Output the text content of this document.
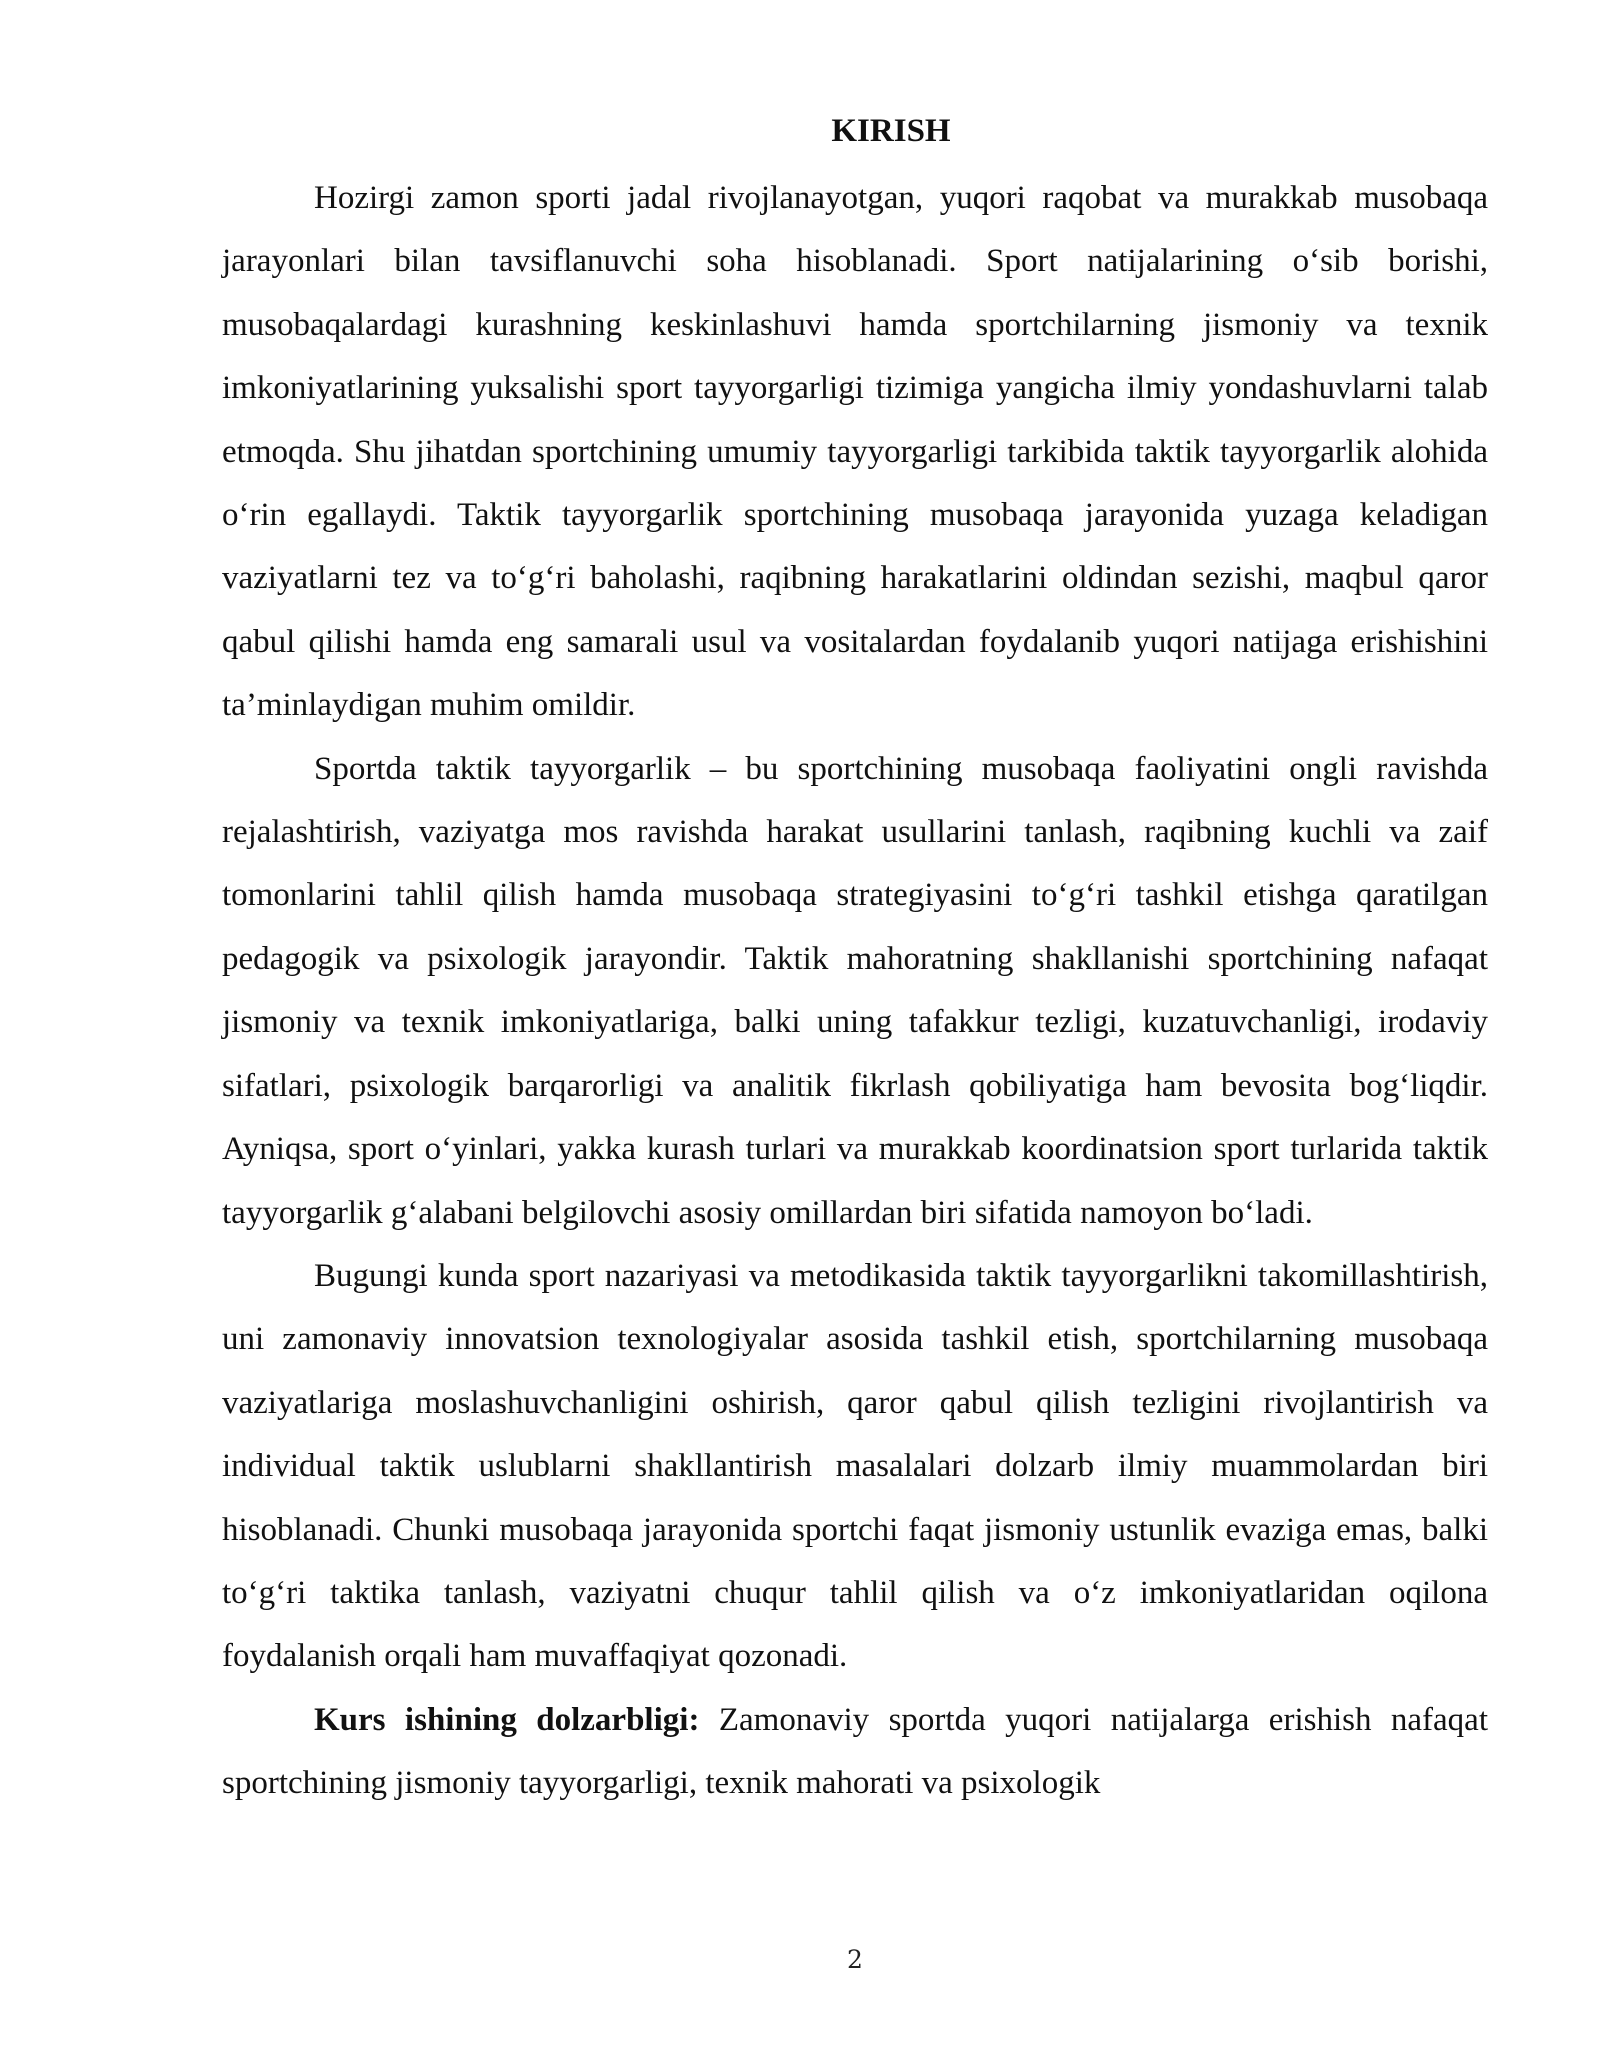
KIRISH

Hozirgi zamon sporti jadal rivojlanayotgan, yuqori raqobat va murakkab musobaqa jarayonlari bilan tavsiflanuvchi soha hisoblanadi. Sport natijalarining o‘sib borishi, musobaqalardagi kurashning keskinlashuvi hamda sportchilarning jismoniy va texnik imkoniyatlarining yuksalishi sport tayyorgarligi tizimiga yangicha ilmiy yondashuvlarni talab etmoqda. Shu jihatdan sportchining umumiy tayyorgarligi tarkibida taktik tayyorgarlik alohida o‘rin egallaydi. Taktik tayyorgarlik sportchining musobaqa jarayonida yuzaga keladigan vaziyatlarni tez va to‘g‘ri baholashi, raqibning harakatlarini oldindan sezishi, maqbul qaror qabul qilishi hamda eng samarali usul va vositalardan foydalanib yuqori natijaga erishishini ta’minlaydigan muhim omildir.

Sportda taktik tayyorgarlik – bu sportchining musobaqa faoliyatini ongli ravishda rejalashtirish, vaziyatga mos ravishda harakat usullarini tanlash, raqibning kuchli va zaif tomonlarini tahlil qilish hamda musobaqa strategiyasini to‘g‘ri tashkil etishga qaratilgan pedagogik va psixologik jarayondir. Taktik mahoratning shakllanishi sportchining nafaqat jismoniy va texnik imkoniyatlariga, balki uning tafakkur tezligi, kuzatuvchanligi, irodaviy sifatlari, psixologik barqarorligi va analitik fikrlash qobiliyatiga ham bevosita bog‘liqdir. Ayniqsa, sport o‘yinlari, yakka kurash turlari va murakkab koordinatsion sport turlarida taktik tayyorgarlik g‘alabani belgilovchi asosiy omillardan biri sifatida namoyon bo‘ladi.

Bugungi kunda sport nazariyasi va metodikasida taktik tayyorgarlikni takomillashtirish, uni zamonaviy innovatsion texnologiyalar asosida tashkil etish, sportchilarning musobaqa vaziyatlariga moslashuvchanligini oshirish, qaror qabul qilish tezligini rivojlantirish va individual taktik uslublarni shakllantirish masalalari dolzarb ilmiy muammolardan biri hisoblanadi. Chunki musobaqa jarayonida sportchi faqat jismoniy ustunlik evaziga emas, balki to‘g‘ri taktika tanlash, vaziyatni chuqur tahlil qilish va o‘z imkoniyatlaridan oqilona foydalanish orqali ham muvaffaqiyat qozonadi.

Kurs ishining dolzarbligi: Zamonaviy sportda yuqori natijalarga erishish nafaqat sportchining jismoniy tayyorgarligi, texnik mahorati va psixologik

2
